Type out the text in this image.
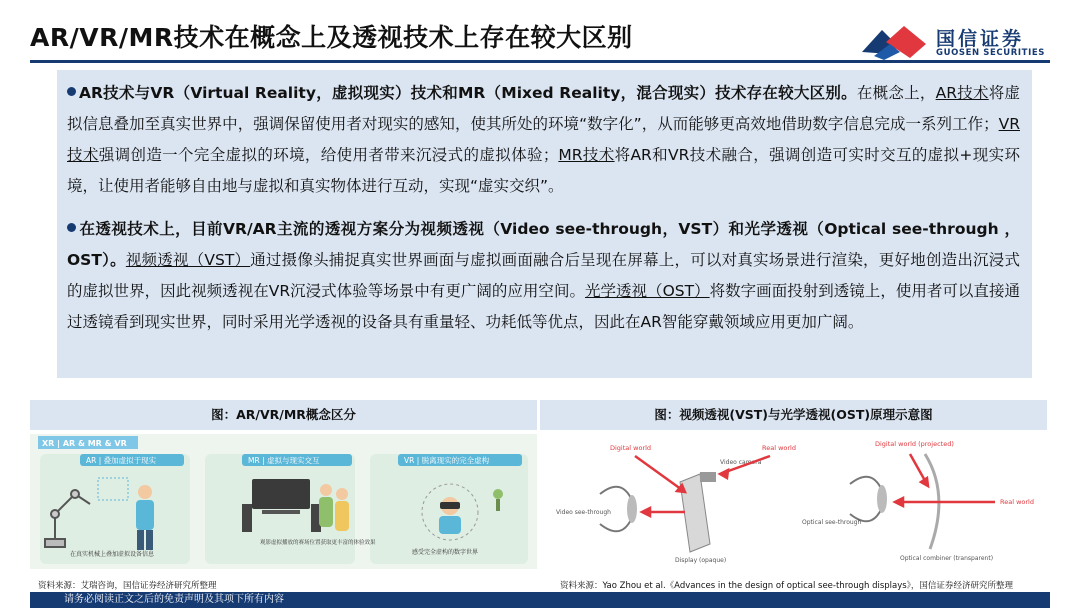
AR/VR/MR技术在概念上及透视技术上存在较大区别	国信证券
GUOSEN SECURITIES
AR技术与VR（Virtual Reality，虚拟现实）技术和MR（Mixed Reality，混合现实）技术存在较大区别。在概念上，AR技术将虚拟信息叠加至真实世界中，强调保留使用者对现实的感知，使其所处的环境“数字化”，从而能够更高效地借助数字信息完成一系列工作；VR技术强调创造一个完全虚拟的环境，给使用者带来沉浸式的虚拟体验；MR技术将AR和VR技术融合，强调创造可实时交互的虚拟+现实环境，让使用者能够自由地与虚拟和真实物体进行互动，实现“虚实交织”。
在透视技术上，目前VR/AR主流的透视方案分为视频透视（Video see-through，VST）和光学透视（Optical see-through ，OST）。视频透视（VST）通过摄像头捕捉真实世界画面与虚拟画面融合后呈现在屏幕上，可以对真实场景进行渲染，更好地创造出沉浸式的虚拟世界，因此视频透视在VR沉浸式体验等场景中有更广阔的应用空间。光学透视（OST）将数字画面投射到透镜上，使用者可以直接通过透镜看到现实世界，同时采用光学透视的设备具有重量轻、功耗低等优点，因此在AR智能穿戴领域应用更加广阔。
图：AR/VR/MR概念区分	图：视频透视(VST)与光学透视(OST)原理示意图
XR | AR & MR & VR
AR | 叠加虚拟于现实	MR | 虚拟与现实交互	VR | 脱离现实的完全虚构
在真实机械上叠加虚拟设备信息
观影虚拟播放的赛场位置获取更丰富的体验效果
感受完全虚构的数字世界
Digital world	Real world
Video camera
Video see-through
Display (opaque)
Digital world (projected)
Real world
Optical see-through
Optical combiner (transparent)
资料来源：艾瑞咨询，国信证券经济研究所整理	资料来源：Yao Zhou et al.《Advances in the design of optical see-through displays》，国信证券经济研究所整理
请务必阅读正文之后的免责声明及其项下所有内容
